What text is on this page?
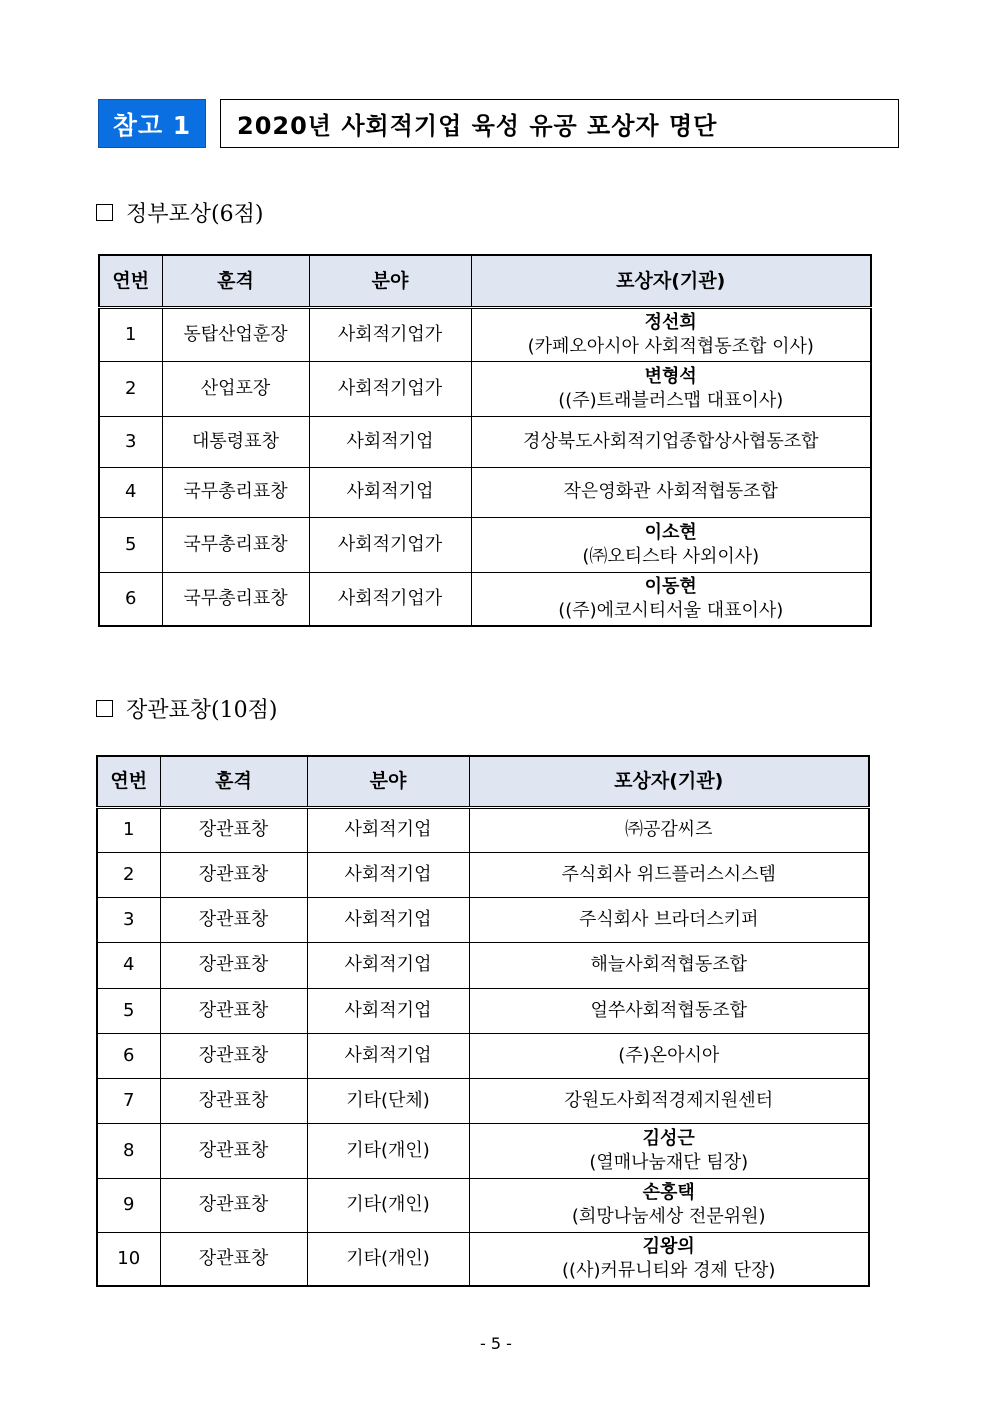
참고 1	2020년 사회적기업 육성 유공 포상자 명단
정부포상(6점)
연번	훈격	분야	포상자(기관)
1	동탑산업훈장	사회적기업가	정선희
(카페오아시아 사회적협동조합 이사)

2	산업포장	사회적기업가	변형석
((주)트래블러스맵 대표이사)

3	대통령표창	사회적기업	경상북도사회적기업종합상사협동조합

4	국무총리표창	사회적기업	작은영화관 사회적협동조합

5	국무총리표창	사회적기업가	이소현
(㈜오티스타 사외이사)

6	국무총리표창	사회적기업가	이동현
((주)에코시티서울 대표이사)
장관표창(10점)
연번	훈격	분야	포상자(기관)
1	장관표창	사회적기업	㈜공감씨즈

2	장관표창	사회적기업	주식회사 위드플러스시스템

3	장관표창	사회적기업	주식회사 브라더스키퍼

4	장관표창	사회적기업	해늘사회적협동조합

5	장관표창	사회적기업	얼쑤사회적협동조합

6	장관표창	사회적기업	(주)온아시아

7	장관표창	기타(단체)	강원도사회적경제지원센터

8	장관표창	기타(개인)	김성근
(열매나눔재단 팀장)

9	장관표창	기타(개인)	손홍택
(희망나눔세상 전문위원)

10	장관표창	기타(개인)	김왕의
((사)커뮤니티와 경제 단장)
- 5 -
